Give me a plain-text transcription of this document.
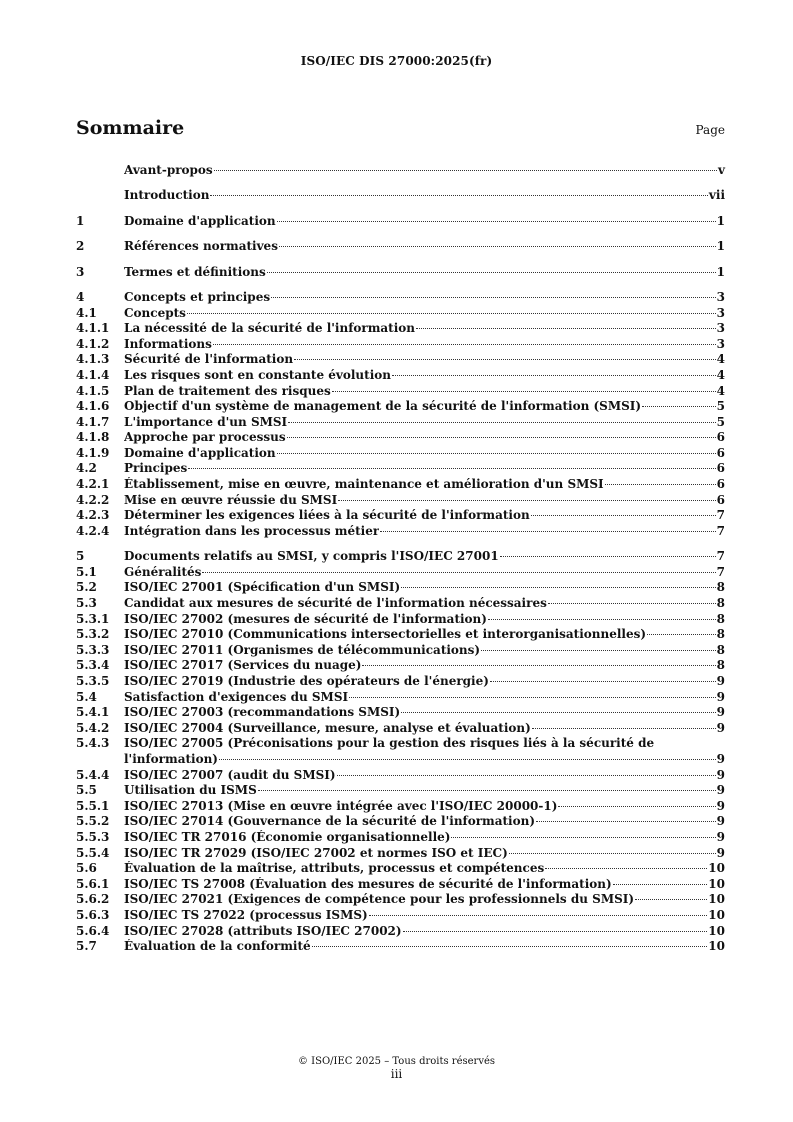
ISO/IEC DIS 27000:2025(fr)
Sommaire	Page
Avant-propos	v
Introduction	vii
1	Domaine d'application	1
2	Références normatives	1
3	Termes et définitions	1
4	Concepts et principes	3
4.1	Concepts	3
4.1.1	La nécessité de la sécurité de l'information	3
4.1.2	Informations	3
4.1.3	Sécurité de l'information	4
4.1.4	Les risques sont en constante évolution	4
4.1.5	Plan de traitement des risques	4
4.1.6	Objectif d'un système de management de la sécurité de l'information (SMSI)	5
4.1.7	L'importance d'un SMSI	5
4.1.8	Approche par processus	6
4.1.9	Domaine d'application	6
4.2	Principes	6
4.2.1	Établissement, mise en œuvre, maintenance et amélioration d'un SMSI	6
4.2.2	Mise en œuvre réussie du SMSI	6
4.2.3	Déterminer les exigences liées à la sécurité de l'information	7
4.2.4	Intégration dans les processus métier	7
5	Documents relatifs au SMSI, y compris l'ISO/IEC 27001	7
5.1	Généralités	7
5.2	ISO/IEC 27001 (Spécification d'un SMSI)	8
5.3	Candidat aux mesures de sécurité de l'information nécessaires	8
5.3.1	ISO/IEC 27002 (mesures de sécurité de l'information)	8
5.3.2	ISO/IEC 27010 (Communications intersectorielles et interorganisationnelles)	8
5.3.3	ISO/IEC 27011 (Organismes de télécommunications)	8
5.3.4	ISO/IEC 27017 (Services du nuage)	8
5.3.5	ISO/IEC 27019 (Industrie des opérateurs de l'énergie)	9
5.4	Satisfaction d'exigences du SMSI	9
5.4.1	ISO/IEC 27003 (recommandations SMSI)	9
5.4.2	ISO/IEC 27004 (Surveillance, mesure, analyse et évaluation)	9
5.4.3	ISO/IEC 27005 (Préconisations pour la gestion des risques liés à la sécurité de
l'information)	9
5.4.4	ISO/IEC 27007 (audit du SMSI)	9
5.5	Utilisation du ISMS	9
5.5.1	ISO/IEC 27013 (Mise en œuvre intégrée avec l'ISO/IEC 20000-1)	9
5.5.2	ISO/IEC 27014 (Gouvernance de la sécurité de l'information)	9
5.5.3	ISO/IEC TR 27016 (Économie organisationnelle)	9
5.5.4	ISO/IEC TR 27029 (ISO/IEC 27002 et normes ISO et IEC)	9
5.6	Évaluation de la maîtrise, attributs, processus et compétences	10
5.6.1	ISO/IEC TS 27008 (Évaluation des mesures de sécurité de l'information)	10
5.6.2	ISO/IEC 27021 (Exigences de compétence pour les professionnels du SMSI)	10
5.6.3	ISO/IEC TS 27022 (processus ISMS)	10
5.6.4	ISO/IEC 27028 (attributs ISO/IEC 27002)	10
5.7	Évaluation de la conformité	10
© ISO/IEC 2025 – Tous droits réservés
iii
